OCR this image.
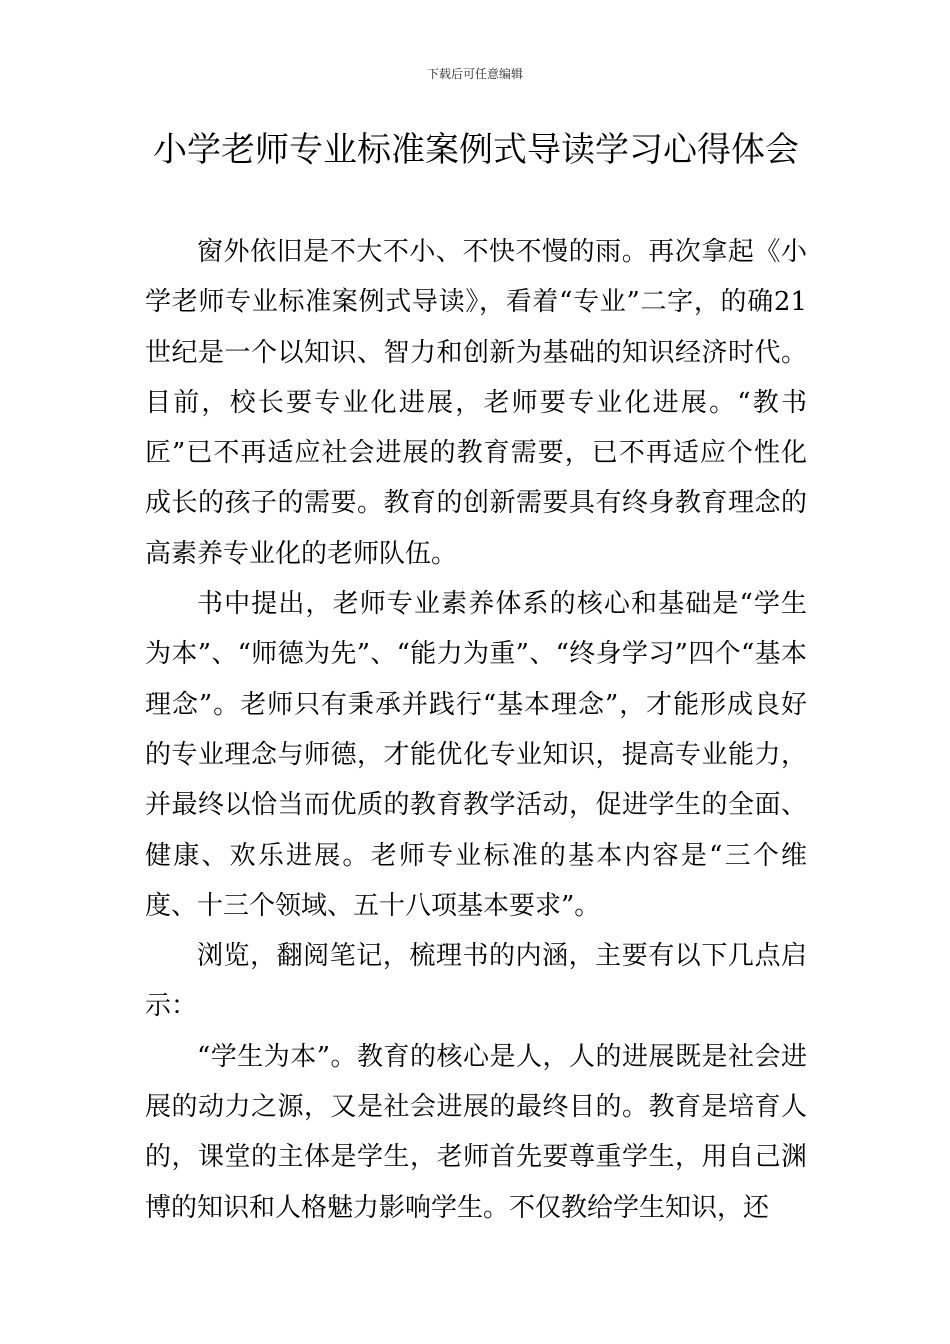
下载后可任意编辑
小学老师专业标准案例式导读学习心得体会

窗外依旧是不大不小、不快不慢的雨。再次拿起《小学老师专业标准案例式导读》，看着“专业”二字，的确21世纪是一个以知识、智力和创新为基础的知识经济时代。目前，校长要专业化进展，老师要专业化进展。“教书匠”已不再适应社会进展的教育需要，已不再适应个性化成长的孩子的需要。教育的创新需要具有终身教育理念的高素养专业化的老师队伍。

书中提出，老师专业素养体系的核心和基础是“学生为本”、“师德为先”、“能力为重”、“终身学习”四个“基本理念”。老师只有秉承并践行“基本理念”，才能形成良好的专业理念与师德，才能优化专业知识，提高专业能力，并最终以恰当而优质的教育教学活动，促进学生的全面、健康、欢乐进展。老师专业标准的基本内容是“三个维度、十三个领域、五十八项基本要求”。

浏览，翻阅笔记，梳理书的内涵，主要有以下几点启示：

“学生为本”。教育的核心是人，人的进展既是社会进展的动力之源，又是社会进展的最终目的。教育是培育人的，课堂的主体是学生，老师首先要尊重学生，用自己渊博的知识和人格魅力影响学生。不仅教给学生知识，还
